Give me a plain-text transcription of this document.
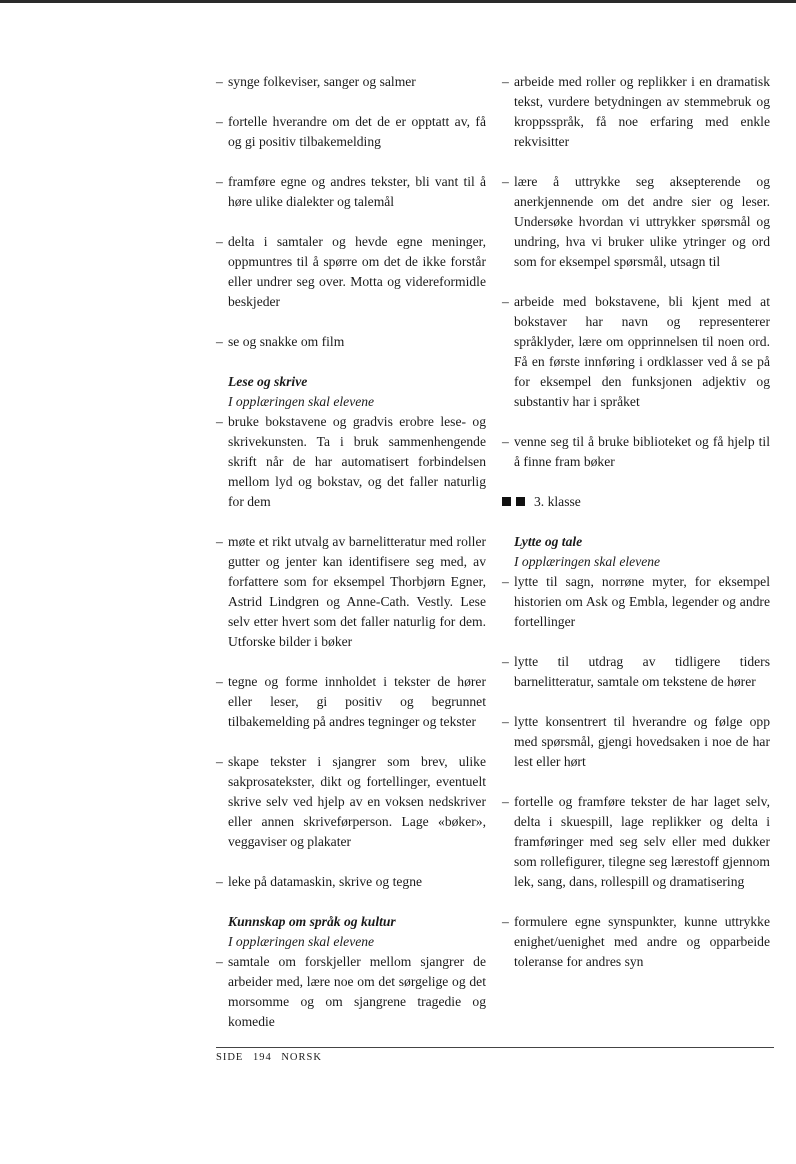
– synge folkeviser, sanger og salmer
– fortelle hverandre om det de er opptatt av, få og gi positiv tilbakemelding
– framføre egne og andres tekster, bli vant til å høre ulike dialekter og talemål
– delta i samtaler og hevde egne meninger, oppmuntres til å spørre om det de ikke forstår eller undrer seg over. Motta og videreformidle beskjeder
– se og snakke om film
Lese og skrive
I opplæringen skal elevene
– bruke bokstavene og gradvis erobre lese- og skrivekunsten. Ta i bruk sammenhengende skrift når de har automatisert forbindelsen mellom lyd og bokstav, og det faller naturlig for dem
– møte et rikt utvalg av barnelitteratur med roller gutter og jenter kan identifisere seg med, av forfattere som for eksempel Thorbjørn Egner, Astrid Lindgren og Anne-Cath. Vestly. Lese selv etter hvert som det faller naturlig for dem. Utforske bilder i bøker
– tegne og forme innholdet i tekster de hører eller leser, gi positiv og begrunnet tilbakemelding på andres tegninger og tekster
– skape tekster i sjangrer som brev, ulike sakprosatekster, dikt og fortellinger, eventuelt skrive selv ved hjelp av en voksen nedskriver eller annen skriveførperson. Lage «bøker», veggaviser og plakater
– leke på datamaskin, skrive og tegne
Kunnskap om språk og kultur
I opplæringen skal elevene
– samtale om forskjeller mellom sjangrer de arbeider med, lære noe om det sørgelige og det morsomme og om sjangrene tragedie og komedie
– arbeide med roller og replikker i en dramatisk tekst, vurdere betydningen av stemmebruk og kroppsspråk, få noe erfaring med enkle rekvisitter
– lære å uttrykke seg aksepterende og anerkjennende om det andre sier og leser. Undersøke hvordan vi uttrykker spørsmål og undring, hva vi bruker ulike ytringer og ord som for eksempel spørsmål, utsagn til
– arbeide med bokstavene, bli kjent med at bokstaver har navn og representerer språklyder, lære om opprinnelsen til noen ord. Få en første innføring i ordklasser ved å se på for eksempel den funksjonen adjektiv og substantiv har i språket
– venne seg til å bruke biblioteket og få hjelp til å finne fram bøker
3. klasse
Lytte og tale
I opplæringen skal elevene
– lytte til sagn, norrøne myter, for eksempel historien om Ask og Embla, legender og andre fortellinger
– lytte til utdrag av tidligere tiders barnelitteratur, samtale om tekstene de hører
– lytte konsentrert til hverandre og følge opp med spørsmål, gjengi hovedsaken i noe de har lest eller hørt
– fortelle og framføre tekster de har laget selv, delta i skuespill, lage replikker og delta i framføringer med seg selv eller med dukker som rollefigurer, tilegne seg lærestoff gjennom lek, sang, dans, rollespill og dramatisering
– formulere egne synspunkter, kunne uttrykke enighet/uenighet med andre og opparbeide toleranse for andres syn
SIDE 194 NORSK
